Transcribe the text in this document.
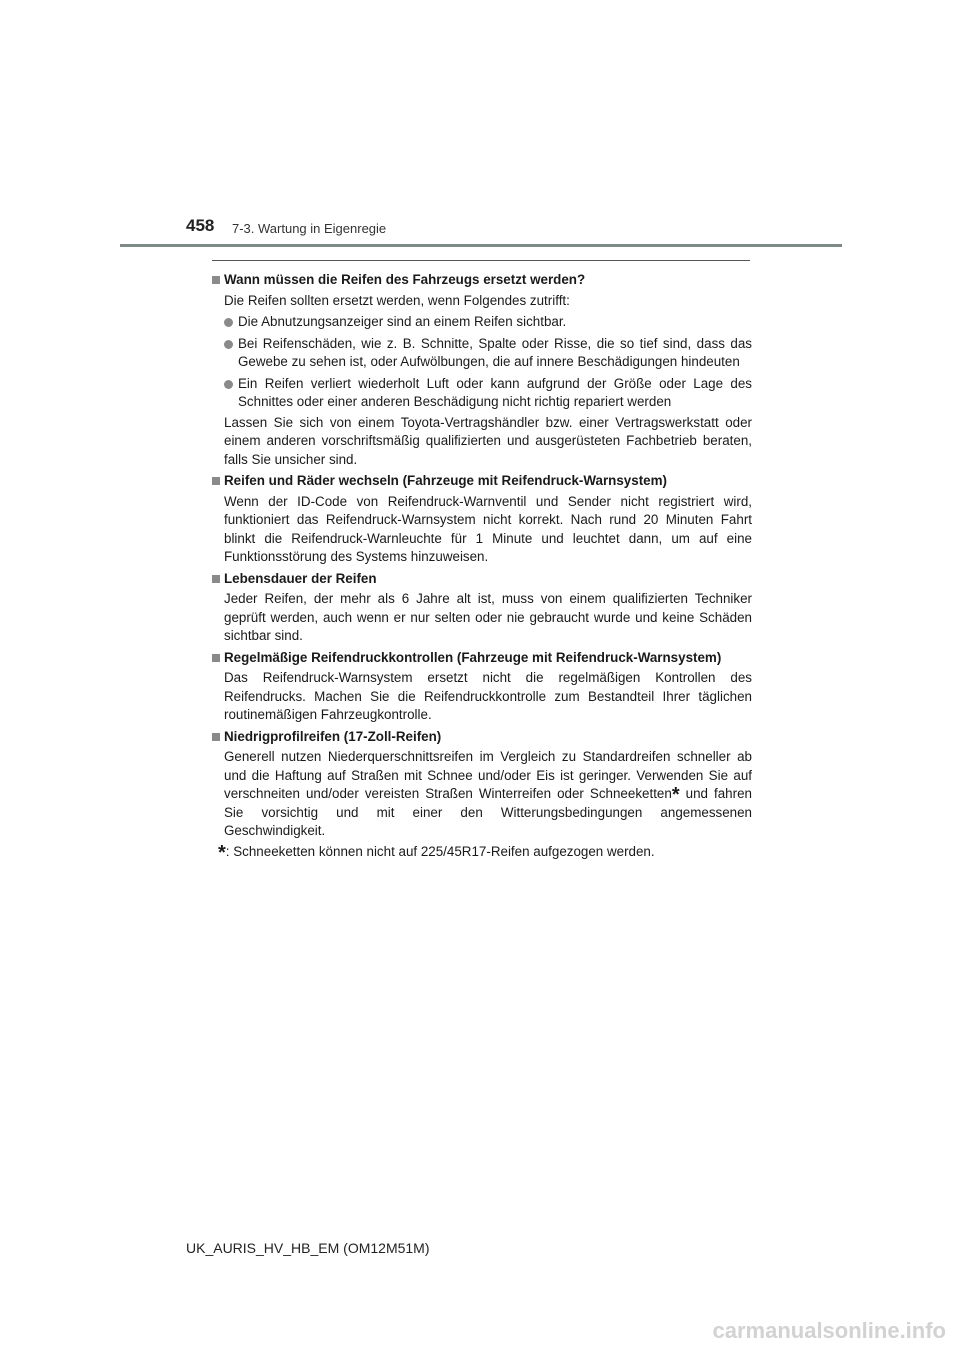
458 7-3. Wartung in Eigenregie
Wann müssen die Reifen des Fahrzeugs ersetzt werden?
Die Reifen sollten ersetzt werden, wenn Folgendes zutrifft:
Die Abnutzungsanzeiger sind an einem Reifen sichtbar.
Bei Reifenschäden, wie z. B. Schnitte, Spalte oder Risse, die so tief sind, dass das Gewebe zu sehen ist, oder Aufwölbungen, die auf innere Beschädigungen hindeuten
Ein Reifen verliert wiederholt Luft oder kann aufgrund der Größe oder Lage des Schnittes oder einer anderen Beschädigung nicht richtig repariert werden
Lassen Sie sich von einem Toyota-Vertragshändler bzw. einer Vertragswerkstatt oder einem anderen vorschriftsmäßig qualifizierten und ausgerüsteten Fachbetrieb beraten, falls Sie unsicher sind.
Reifen und Räder wechseln (Fahrzeuge mit Reifendruck-Warnsystem)
Wenn der ID-Code von Reifendruck-Warnventil und Sender nicht registriert wird, funktioniert das Reifendruck-Warnsystem nicht korrekt. Nach rund 20 Minuten Fahrt blinkt die Reifendruck-Warnleuchte für 1 Minute und leuchtet dann, um auf eine Funktionsstörung des Systems hinzuweisen.
Lebensdauer der Reifen
Jeder Reifen, der mehr als 6 Jahre alt ist, muss von einem qualifizierten Techniker geprüft werden, auch wenn er nur selten oder nie gebraucht wurde und keine Schäden sichtbar sind.
Regelmäßige Reifendruckkontrollen (Fahrzeuge mit Reifendruck-Warnsystem)
Das Reifendruck-Warnsystem ersetzt nicht die regelmäßigen Kontrollen des Reifendrucks. Machen Sie die Reifendruckkontrolle zum Bestandteil Ihrer täglichen routinemäßigen Fahrzeugkontrolle.
Niedrigprofilreifen (17-Zoll-Reifen)
Generell nutzen Niederquerschnittsreifen im Vergleich zu Standardreifen schneller ab und die Haftung auf Straßen mit Schnee und/oder Eis ist geringer. Verwenden Sie auf verschneiten und/oder vereisten Straßen Winterreifen oder Schneeketten* und fahren Sie vorsichtig und mit einer den Witterungsbedingungen angemessenen Geschwindigkeit.
*: Schneeketten können nicht auf 225/45R17-Reifen aufgezogen werden.
UK_AURIS_HV_HB_EM (OM12M51M)
carmanualsonline.info
